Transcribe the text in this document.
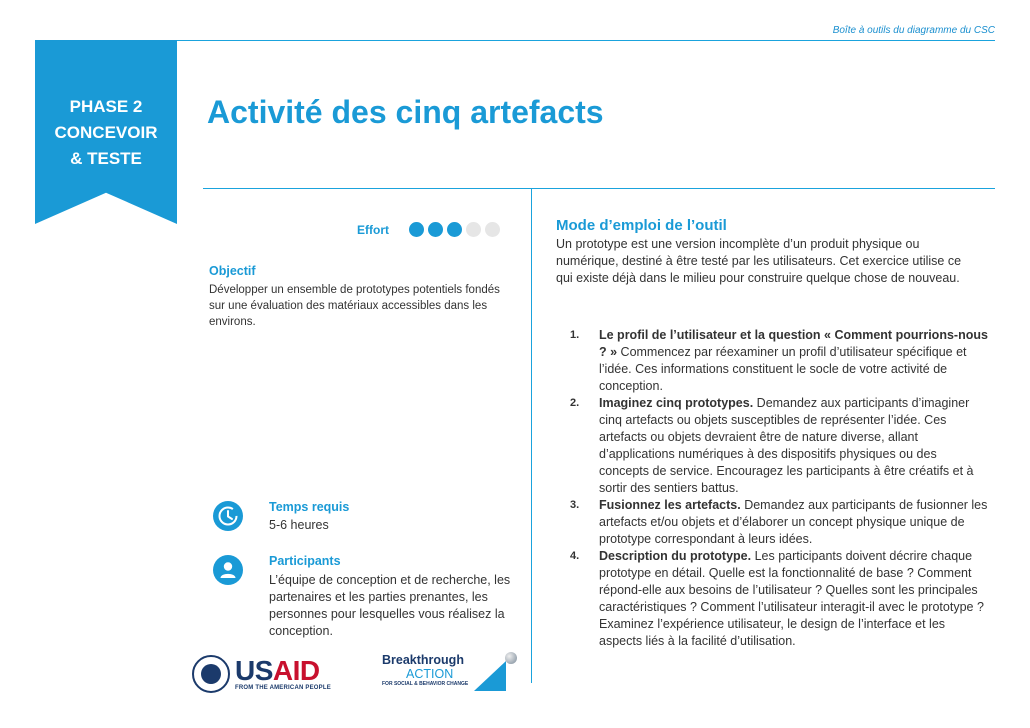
Boîte à outils du diagramme du CSC
PHASE 2
CONCEVOIR
& TESTE
Activité des cinq artefacts
Effort
Objectif
Développer un ensemble de prototypes potentiels fondés sur une évaluation des matériaux accessibles dans les environs.
Temps requis
5-6 heures
Participants
L’équipe de conception et de recherche, les partenaires et les parties prenantes, les personnes pour lesquelles vous réalisez la conception.
Mode d’emploi de l’outil
Un prototype est une version incomplète d’un produit physique ou numérique, destiné à être testé par les utilisateurs. Cet exercice utilise ce qui existe déjà dans le milieu pour construire quelque chose de nouveau.
1. Le profil de l’utilisateur et la question « Comment pourrions-nous ? » Commencez par réexaminer un profil d’utilisateur spécifique et l’idée. Ces informations constituent le socle de votre activité de conception.
2. Imaginez cinq prototypes. Demandez aux participants d’imaginer cinq artefacts ou objets susceptibles de représenter l’idée. Ces artefacts ou objets devraient être de nature diverse, allant d’applications numériques à des dispositifs physiques ou des concepts de service. Encouragez les participants à être créatifs et à sortir des sentiers battus.
3. Fusionnez les artefacts. Demandez aux participants de fusionner les artefacts et/ou objets et d’élaborer un concept physique unique de prototype correspondant à leurs idées.
4. Description du prototype. Les participants doivent décrire chaque prototype en détail. Quelle est la fonctionnalité de base ? Comment répond-elle aux besoins de l’utilisateur ? Quelles sont les principales caractéristiques ? Comment l’utilisateur interagit-il avec le prototype ? Examinez l’expérience utilisateur, le design de l’interface et les aspects liés à la facilité d’utilisation.
USAID
FROM THE AMERICAN PEOPLE
Breakthrough
ACTION
FOR SOCIAL & BEHAVIOR CHANGE
